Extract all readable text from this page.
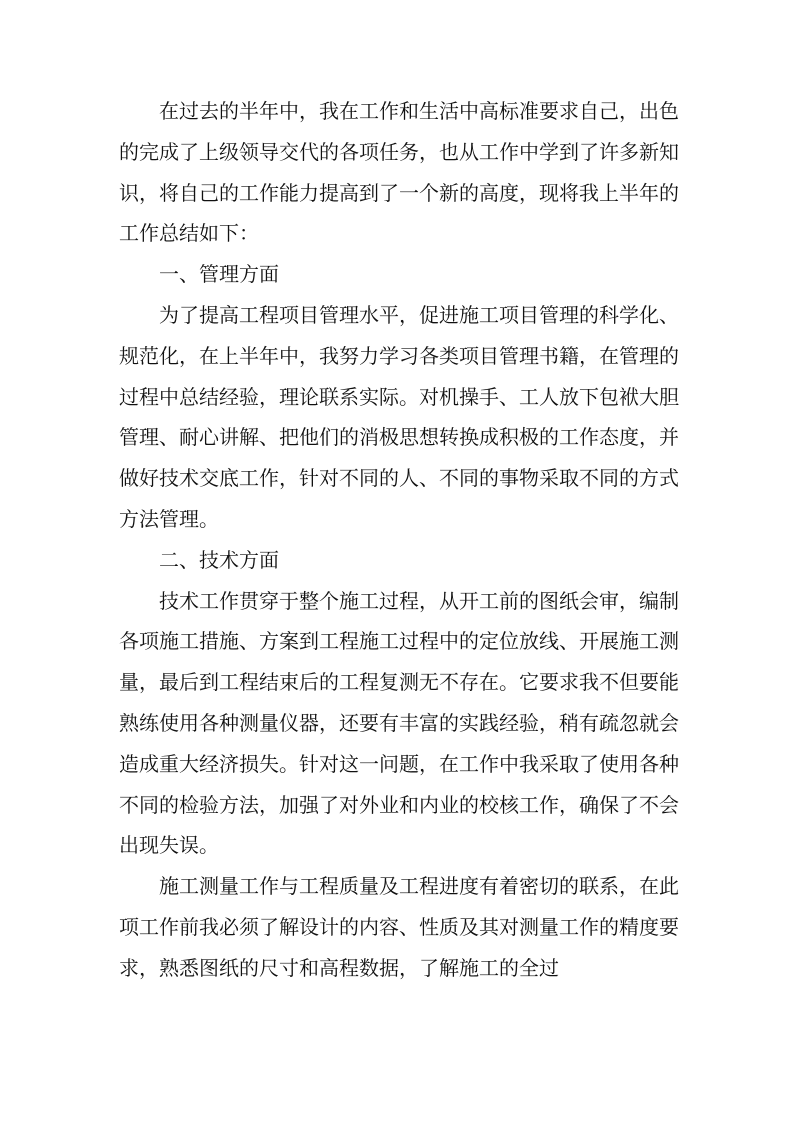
在过去的半年中，我在工作和生活中高标准要求自己，出色的完成了上级领导交代的各项任务，也从工作中学到了许多新知识，将自己的工作能力提高到了一个新的高度，现将我上半年的工作总结如下：

一、管理方面

为了提高工程项目管理水平，促进施工项目管理的科学化、规范化，在上半年中，我努力学习各类项目管理书籍，在管理的过程中总结经验，理论联系实际。对机操手、工人放下包袱大胆管理、耐心讲解、把他们的消极思想转换成积极的工作态度，并做好技术交底工作，针对不同的人、不同的事物采取不同的方式方法管理。

二、技术方面

技术工作贯穿于整个施工过程，从开工前的图纸会审，编制各项施工措施、方案到工程施工过程中的定位放线、开展施工测量，最后到工程结束后的工程复测无不存在。它要求我不但要能熟练使用各种测量仪器，还要有丰富的实践经验，稍有疏忽就会造成重大经济损失。针对这一问题，在工作中我采取了使用各种不同的检验方法，加强了对外业和内业的校核工作，确保了不会出现失误。

施工测量工作与工程质量及工程进度有着密切的联系，在此项工作前我必须了解设计的内容、性质及其对测量工作的精度要求，熟悉图纸的尺寸和高程数据，了解施工的全过
